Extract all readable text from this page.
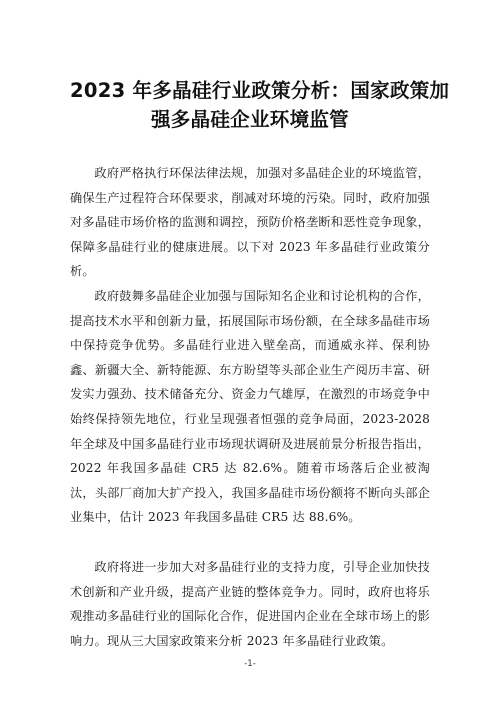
2023 年多晶硅行业政策分析：国家政策加
强多晶硅企业环境监管

政府严格执行环保法律法规，加强对多晶硅企业的环境监管，确保生产过程符合环保要求，削减对环境的污染。同时，政府加强对多晶硅市场价格的监测和调控，预防价格垄断和恶性竞争现象，保障多晶硅行业的健康进展。以下对 2023 年多晶硅行业政策分析。

政府鼓舞多晶硅企业加强与国际知名企业和讨论机构的合作，提高技术水平和创新力量，拓展国际市场份额，在全球多晶硅市场中保持竞争优势。多晶硅行业进入壁垒高，而通威永祥、保利协鑫、新疆大全、新特能源、东方盼望等头部企业生产阅历丰富、研发实力强劲、技术储备充分、资金力气雄厚，在激烈的市场竞争中始终保持领先地位，行业呈现强者恒强的竞争局面，2023-2028 年全球及中国多晶硅行业市场现状调研及进展前景分析报告指出，2022 年我国多晶硅 CR5 达 82.6%。随着市场落后企业被淘汰，头部厂商加大扩产投入，我国多晶硅市场份额将不断向头部企业集中，估计 2023 年我国多晶硅 CR5 达 88.6%。

政府将进一步加大对多晶硅行业的支持力度，引导企业加快技术创新和产业升级，提高产业链的整体竞争力。同时，政府也将乐观推动多晶硅行业的国际化合作，促进国内企业在全球市场上的影响力。现从三大国家政策来分析 2023 年多晶硅行业政策。

-1-
